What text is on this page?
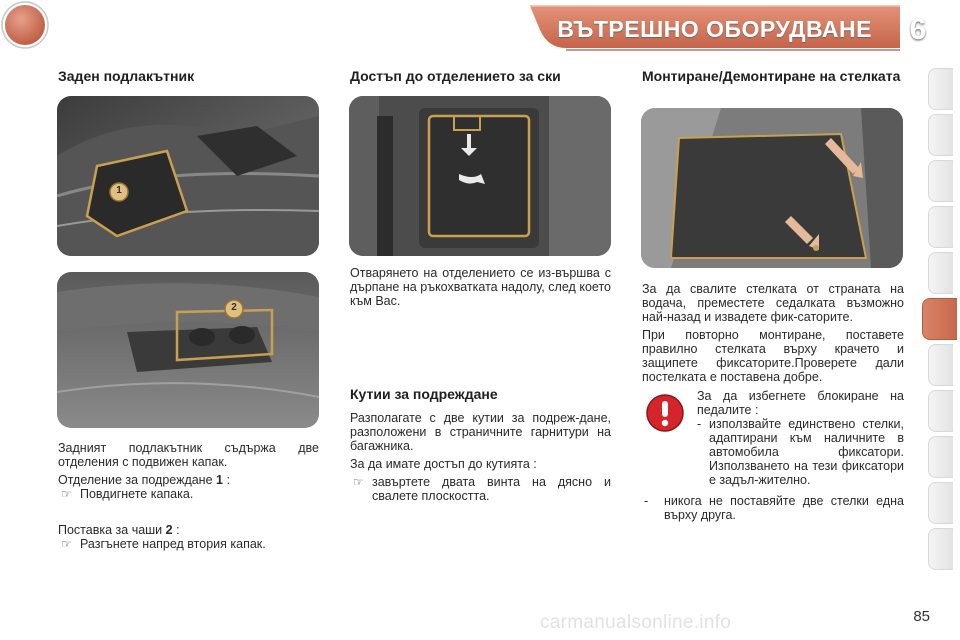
ВЪТРЕШНО ОБОРУДВАНЕ	6
Заден подлакътник
1
2

Задният подлакътник съдържа две отделения с подвижен капак.

Отделение за подреждане 1 :

☞ Повдигнете капака.

Поставка за чаши 2 :

☞ Разгънете напред втория капак.
Достъп до отделението за ски
Отварянето на отделението се из-вършва с дърпане на ръкохватката надолу, след което към Вас.
Кутии за подреждане

Разполагате с две кутии за подреж-дане, разположени в страничните гарнитури на багажника.

За да имате достъп до кутията :

☞ завъртете двата винта на дясно и свалете плоскостта.
Монтиране/Демонтиране на стелката

За да свалите стелката от страната на водача, преместете седалката възможно най-назад и извадете фик-саторите.

При повторно монтиране, поставете правилно стелката върху крачето и защипете фиксаторите.Проверете дали постелката е поставена добре.

За да избегнете блокиране на педалите :

- използвайте единствено стелки, адаптирани към наличните в автомобила фиксатори. Използването на тези фиксатори е задъл-жително.
- никога не поставяйте две стелки една върху друга.
carmanualsonline.info	85
